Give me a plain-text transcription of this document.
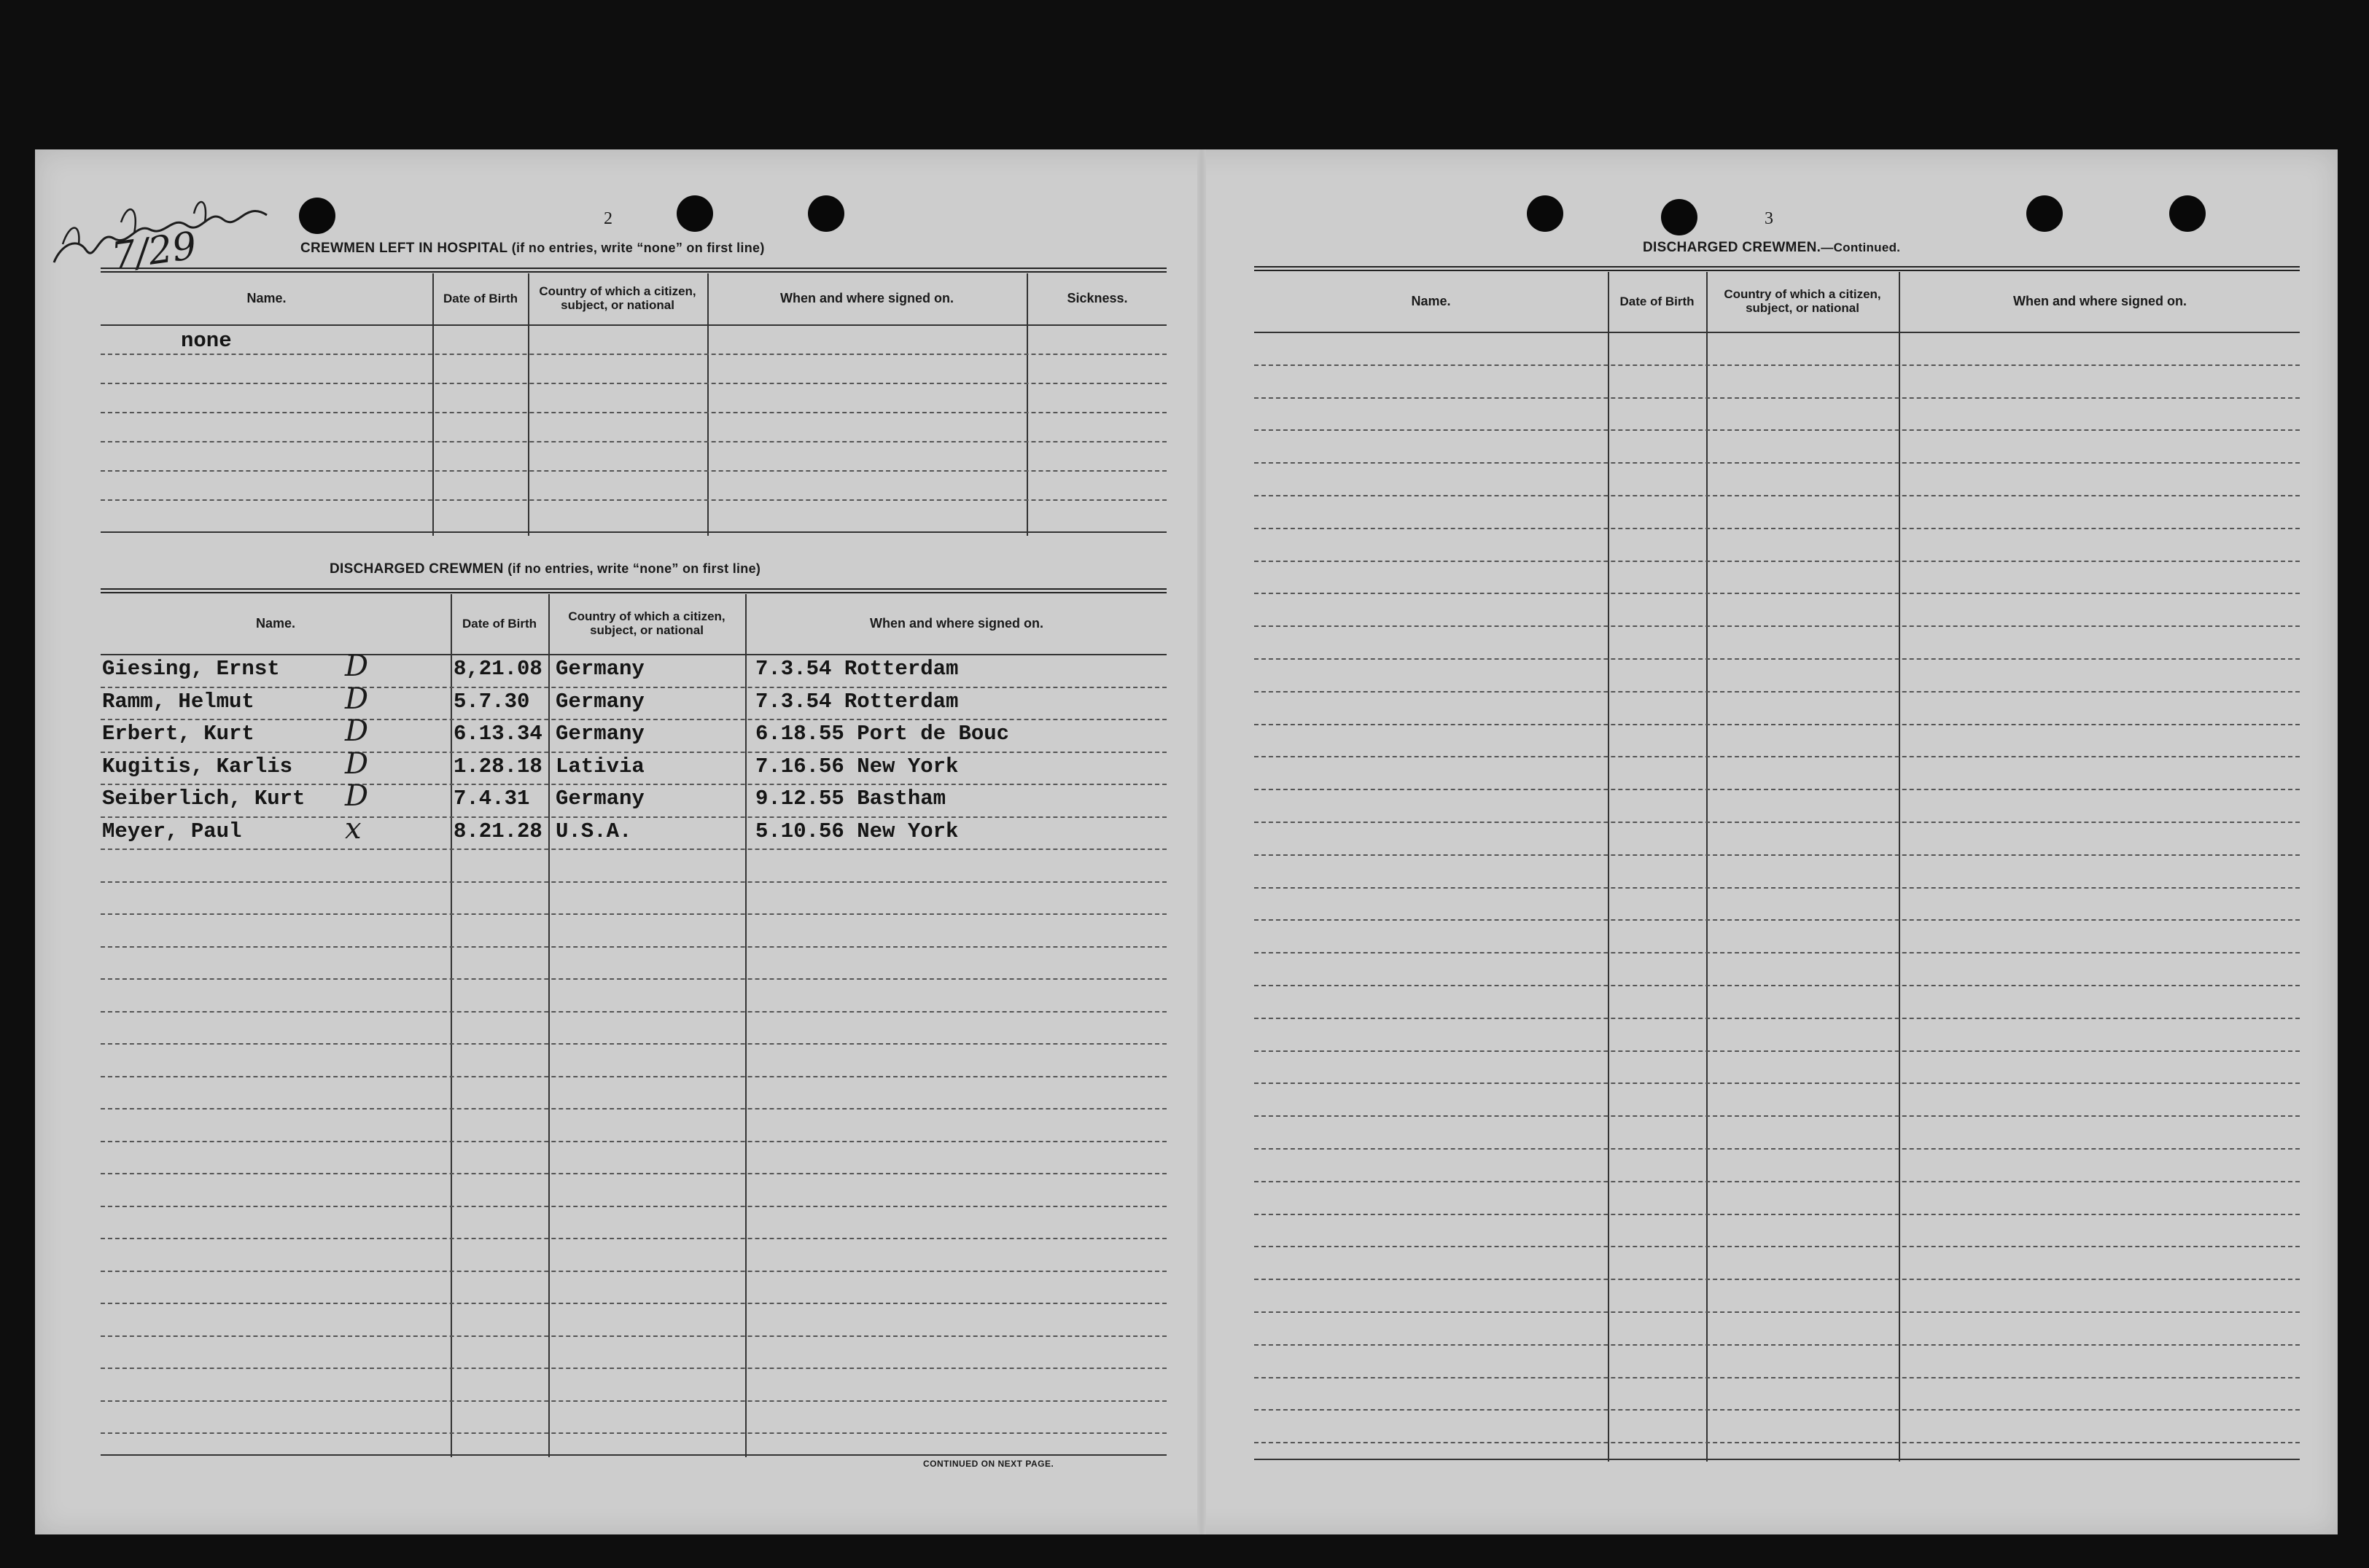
7/29
2
CREWMEN LEFT IN HOSPITAL (if no entries, write “none” on first line)
Name.	Date of Birth	Country of which a citizen, subject, or national	When and where signed on.	Sickness.
none
DISCHARGED CREWMEN (if no entries, write “none” on first line)
Name.	Date of Birth	Country of which a citizen, subject, or national	When and where signed on.
Giesing, Ernst	8,21.08 Germany	7.3.54 Rotterdam
D
Ramm, Helmut	5.7.30 Germany	7.3.54 Rotterdam
D
Erbert, Kurt	6.13.34 Germany	6.18.55 Port de Bouc
D
Kugitis, Karlis	1.28.18 Lativia	7.16.56 New York
D
Seiberlich, Kurt	7.4.31 Germany	9.12.55 Bastham
D
Meyer, Paul	8.21.28 U.S.A.	5.10.56 New York
x
CONTINUED ON NEXT PAGE.
3
DISCHARGED CREWMEN.—Continued.
Name.	Date of Birth	Country of which a citizen, subject, or national	When and where signed on.
